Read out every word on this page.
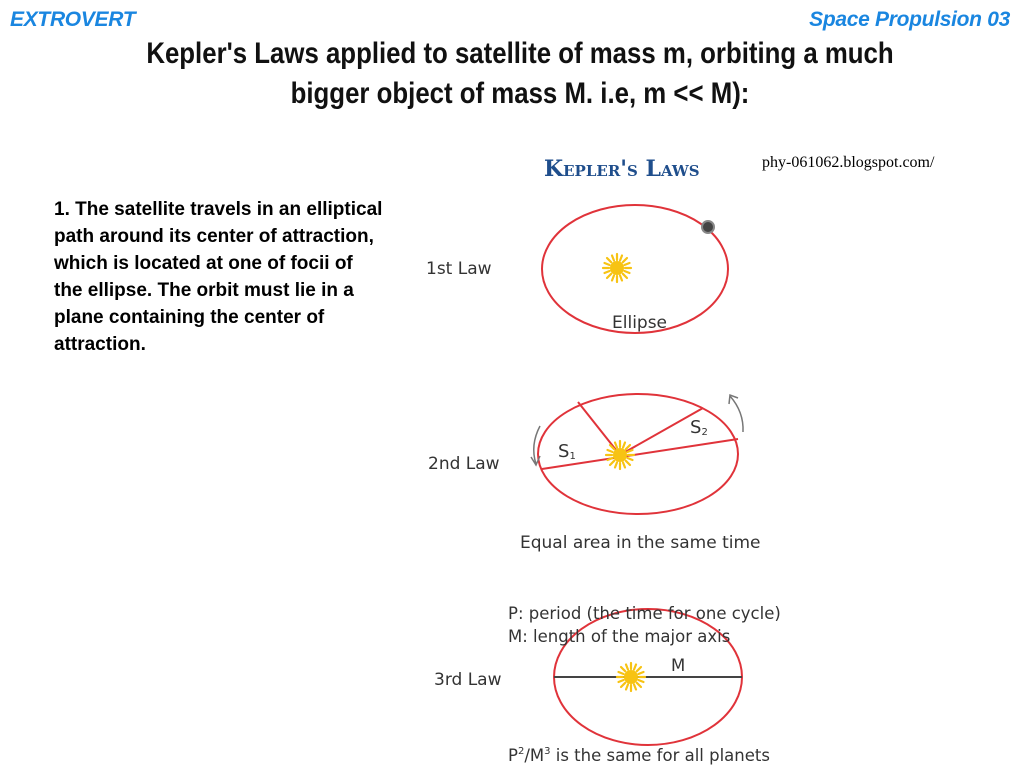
EXTROVERT	Space Propulsion 03
Kepler's Laws applied to satellite of mass m, orbiting a much bigger object of mass M. i.e, m << M):
1. The satellite travels in an elliptical path around its center of attraction, which is located at one of focii of the ellipse. The orbit must lie in a plane containing the center of attraction.
phy-061062.blogspot.com/
Kepler's Laws
1st Law
Ellipse
2nd Law
S1
S2
Equal area in the same time
P: period (the time for one cycle)
M: length of the major axis
M
3rd Law
$P^2/M^3$ is the same for all planets
